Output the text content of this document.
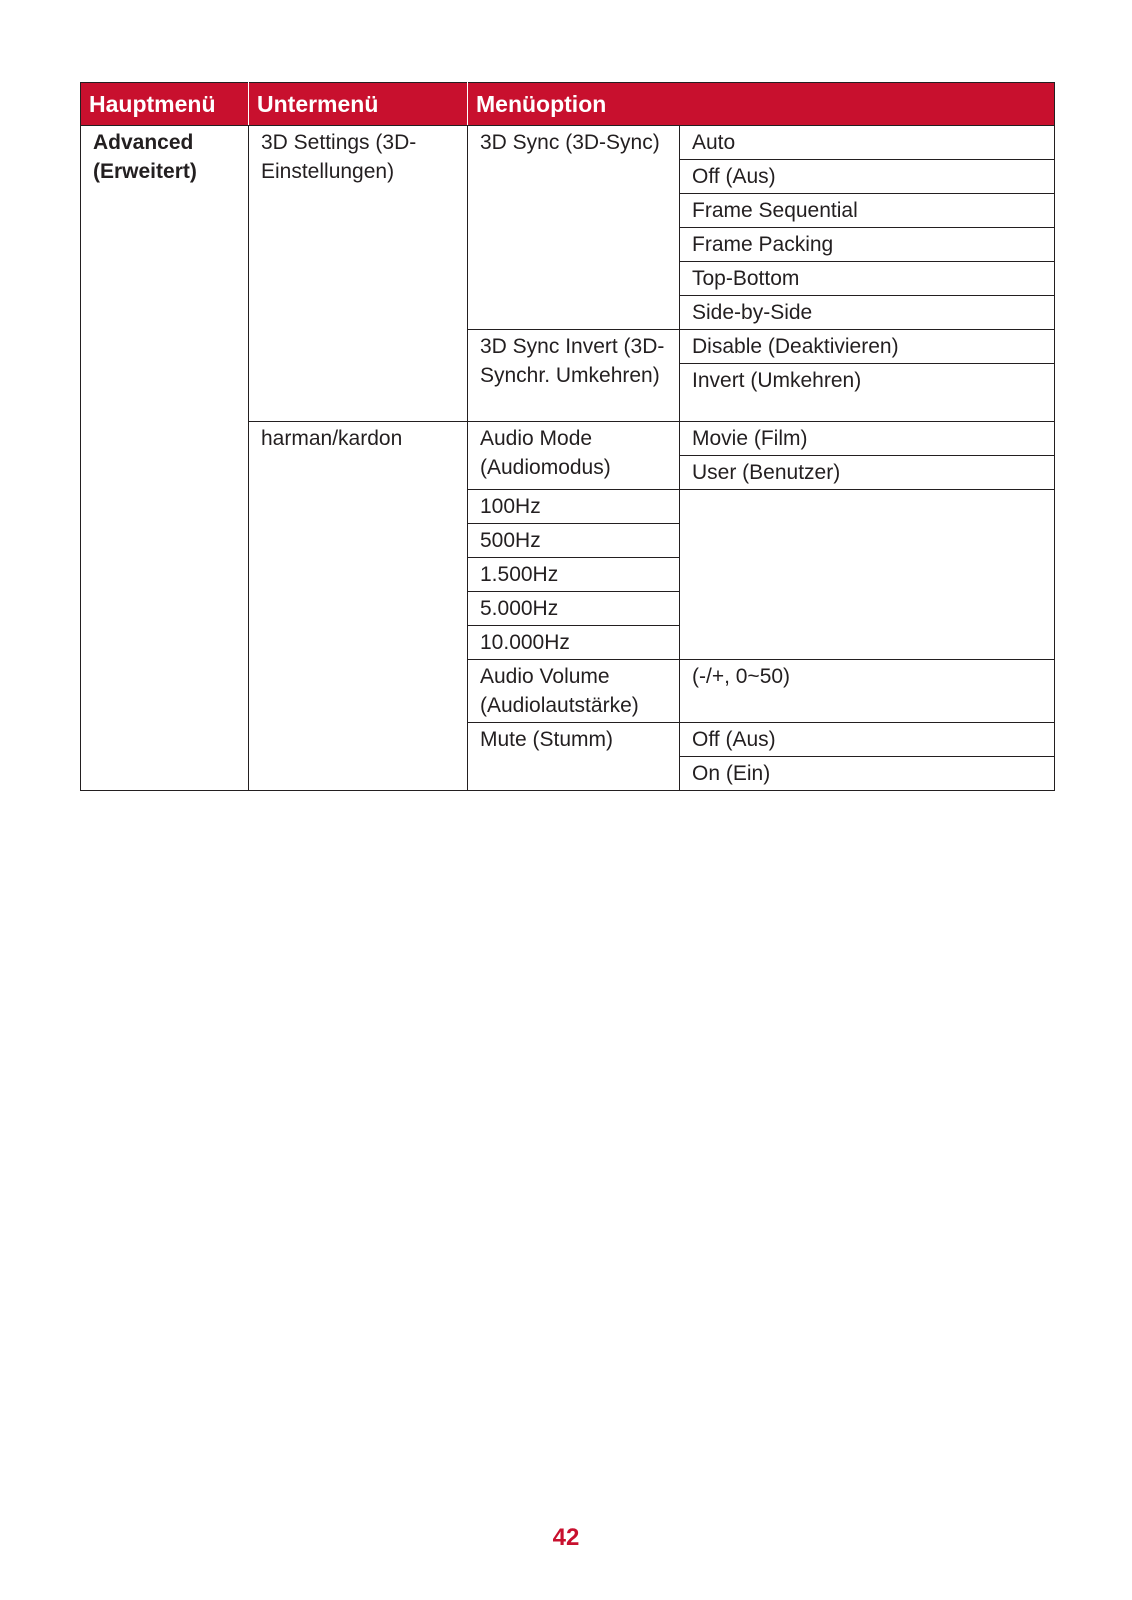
Hauptmenü	Untermenü	Menüoption	
Advanced (Erweitert)	3D Settings (3D-Einstellungen)	3D Sync (3D-Sync)	Auto
			Off (Aus)
			Frame Sequential
			Frame Packing
			Top-Bottom
			Side-by-Side
		3D Sync Invert (3D-Synchr. Umkehren)	Disable (Deaktivieren)
			Invert (Umkehren)
	harman/kardon	Audio Mode (Audiomodus)	Movie (Film)
			User (Benutzer)
		100Hz	
		500Hz	
		1.500Hz	
		5.000Hz	
		10.000Hz	
		Audio Volume (Audiolautstärke)	(-/+, 0~50)

		Mute (Stumm)	Off (Aus)
			On (Ein)
42
